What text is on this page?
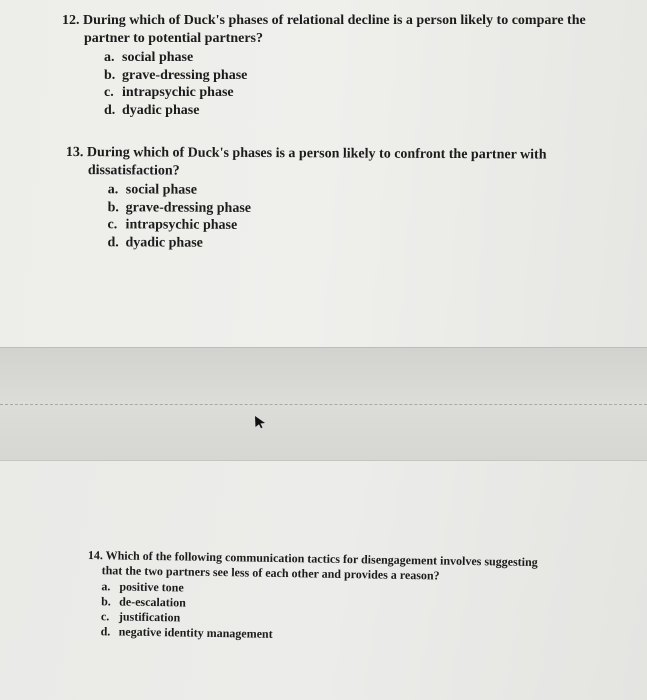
12. During which of Duck's phases of relational decline is a person likely to compare the
partner to potential partners?
a. social phase
b. grave-dressing phase
c. intrapsychic phase
d. dyadic phase
13. During which of Duck's phases is a person likely to confront the partner with
dissatisfaction?
a. social phase
b. grave-dressing phase
c. intrapsychic phase
d. dyadic phase
14. Which of the following communication tactics for disengagement involves suggesting
that the two partners see less of each other and provides a reason?
a. positive tone
b. de-escalation
c. justification
d. negative identity management
